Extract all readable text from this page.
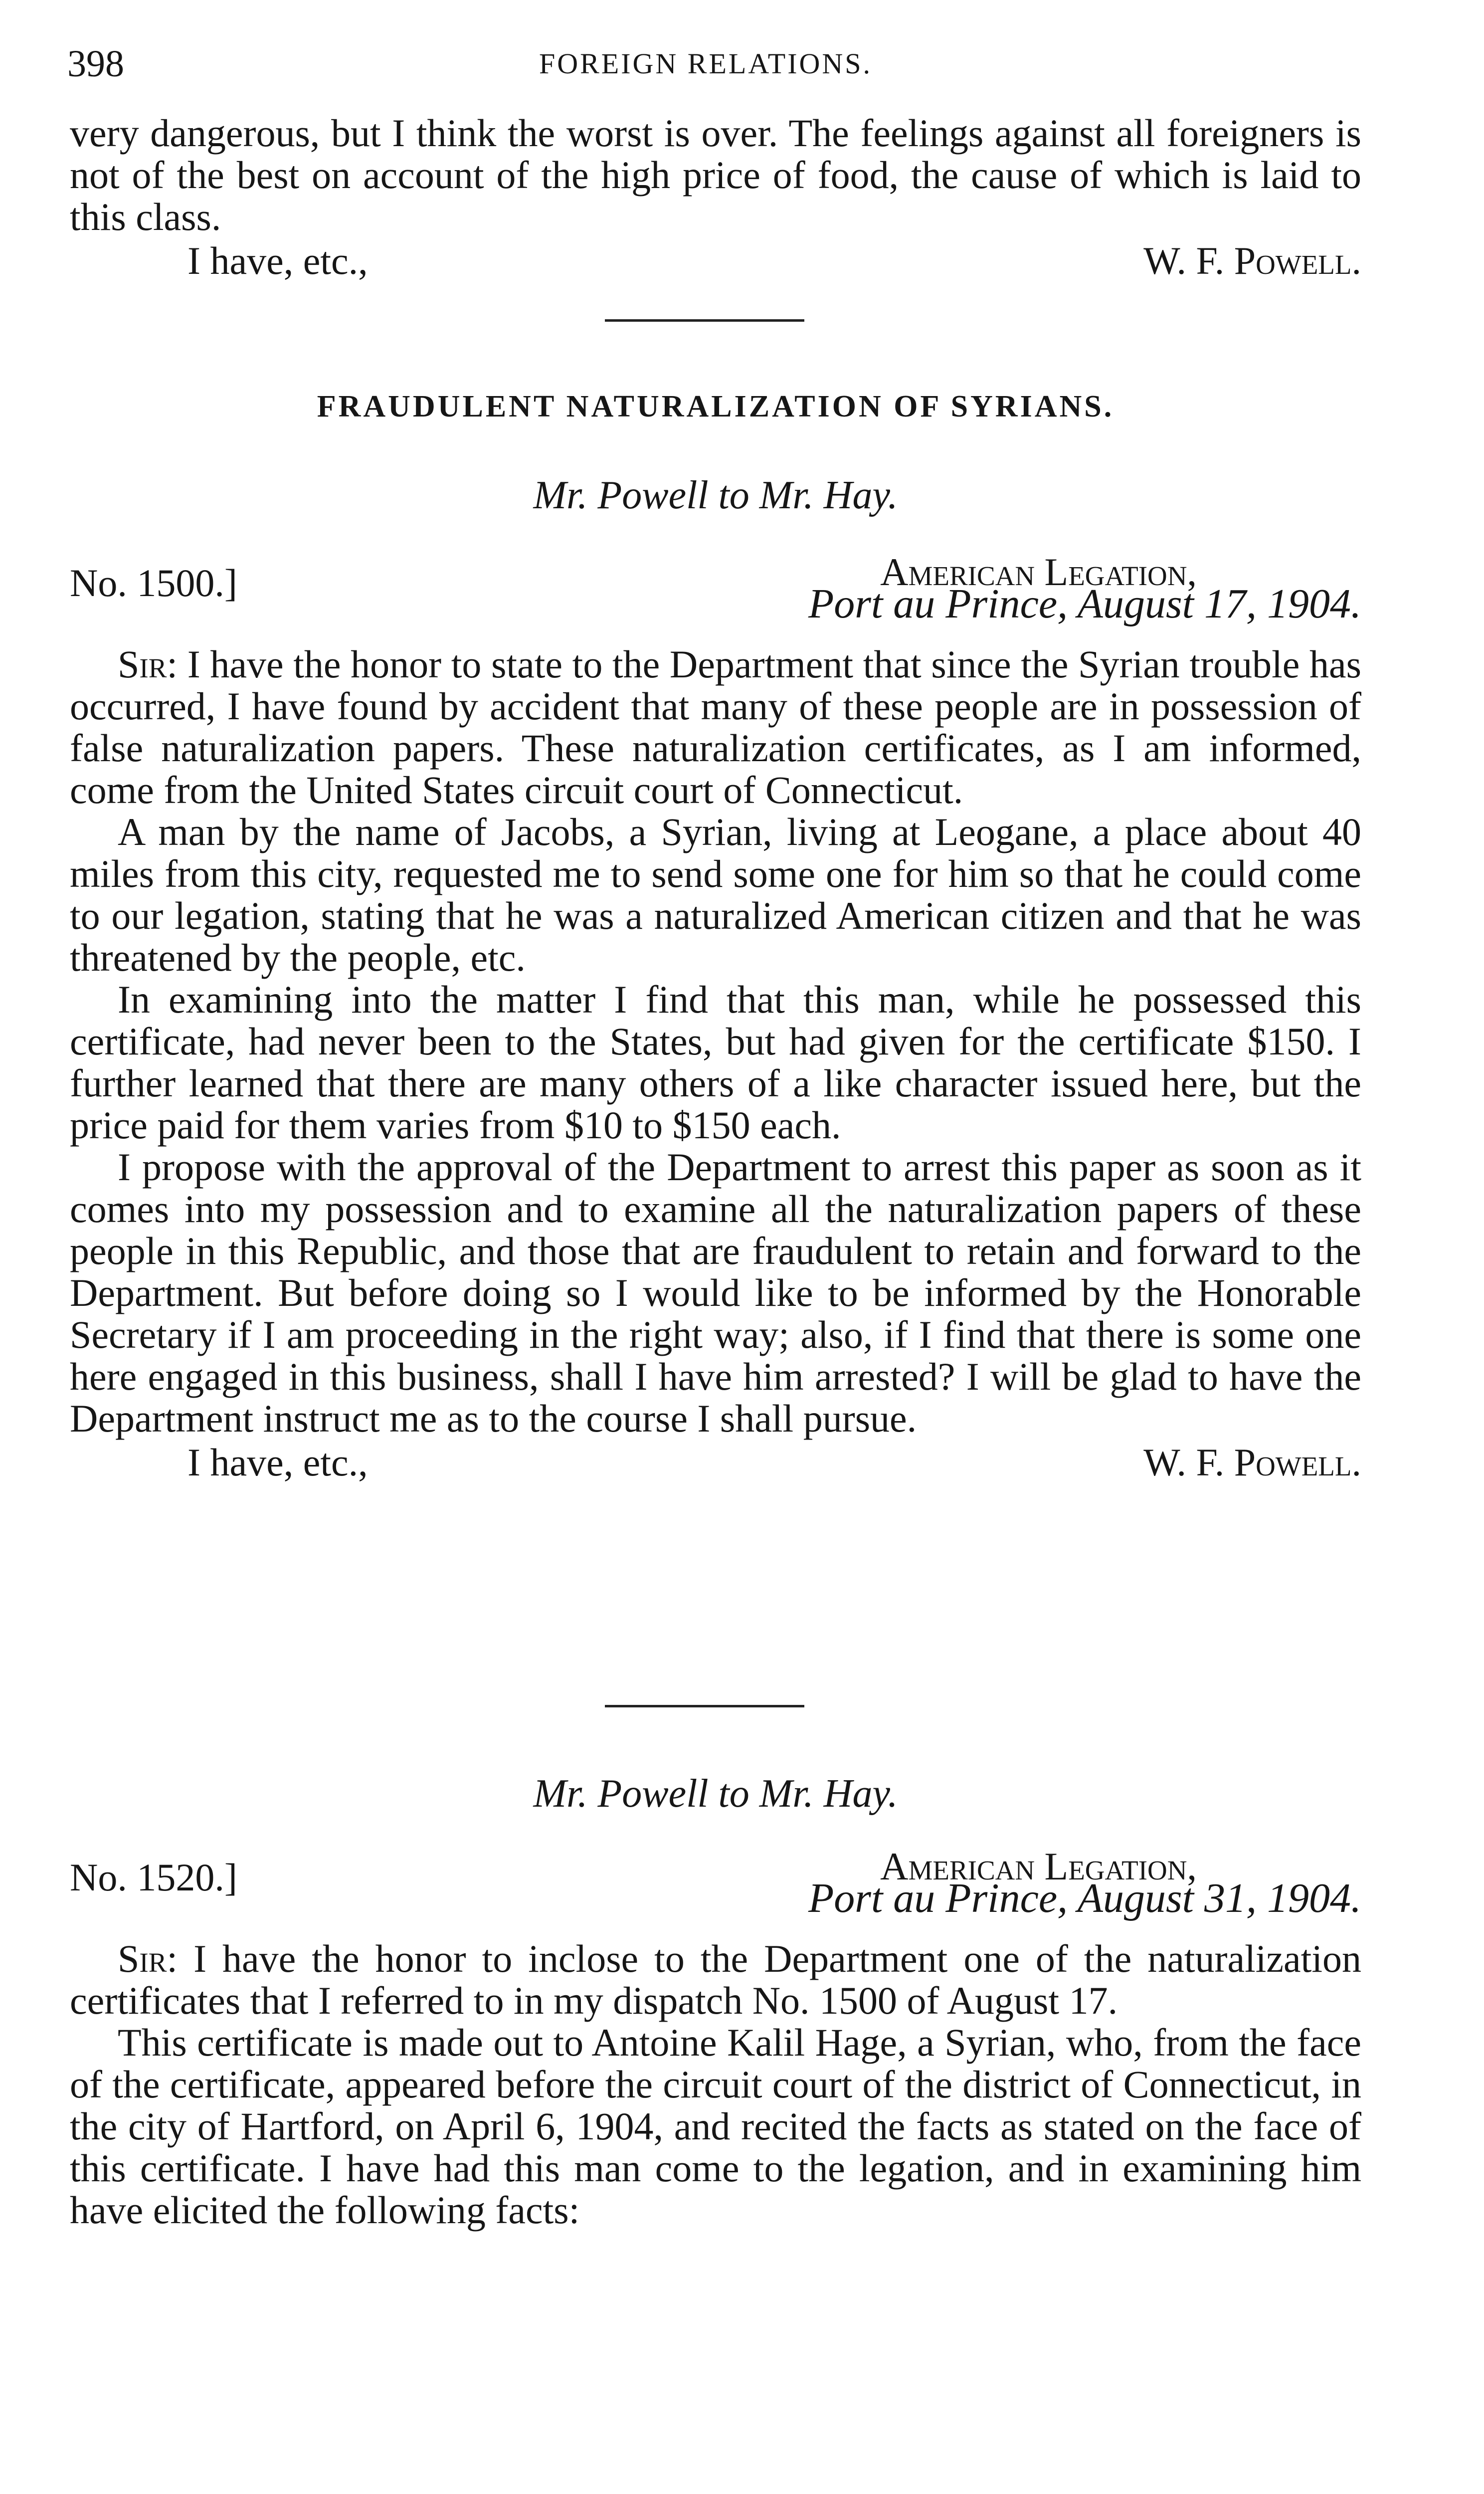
398	FOREIGN RELATIONS.

very dangerous, but I think the worst is over. The feelings against all foreigners is not of the best on account of the high price of food, the cause of which is laid to this class.

I have, etc.,	W. F. Powell.
FRAUDULENT NATURALIZATION OF SYRIANS.
Mr. Powell to Mr. Hay.
No. 1500.]	American Legation,
Port au Prince, August 17, 1904.

Sir: I have the honor to state to the Department that since the Syrian trouble has occurred, I have found by accident that many of these people are in possession of false naturalization papers. These naturalization certificates, as I am informed, come from the United States circuit court of Connecticut.

A man by the name of Jacobs, a Syrian, living at Leogane, a place about 40 miles from this city, requested me to send some one for him so that he could come to our legation, stating that he was a naturalized American citizen and that he was threatened by the people, etc.

In examining into the matter I find that this man, while he possessed this certificate, had never been to the States, but had given for the certificate $150. I further learned that there are many others of a like character issued here, but the price paid for them varies from $10 to $150 each.

I propose with the approval of the Department to arrest this paper as soon as it comes into my possession and to examine all the naturalization papers of these people in this Republic, and those that are fraudulent to retain and forward to the Department. But before doing so I would like to be informed by the Honorable Secretary if I am proceeding in the right way; also, if I find that there is some one here engaged in this business, shall I have him arrested? I will be glad to have the Department instruct me as to the course I shall pursue.

I have, etc.,	W. F. Powell.
Mr. Powell to Mr. Hay.
No. 1520.]	American Legation,
Port au Prince, August 31, 1904.

Sir: I have the honor to inclose to the Department one of the naturalization certificates that I referred to in my dispatch No. 1500 of August 17.

This certificate is made out to Antoine Kalil Hage, a Syrian, who, from the face of the certificate, appeared before the circuit court of the district of Connecticut, in the city of Hartford, on April 6, 1904, and recited the facts as stated on the face of this certificate. I have had this man come to the legation, and in examining him have elicited the following facts:
